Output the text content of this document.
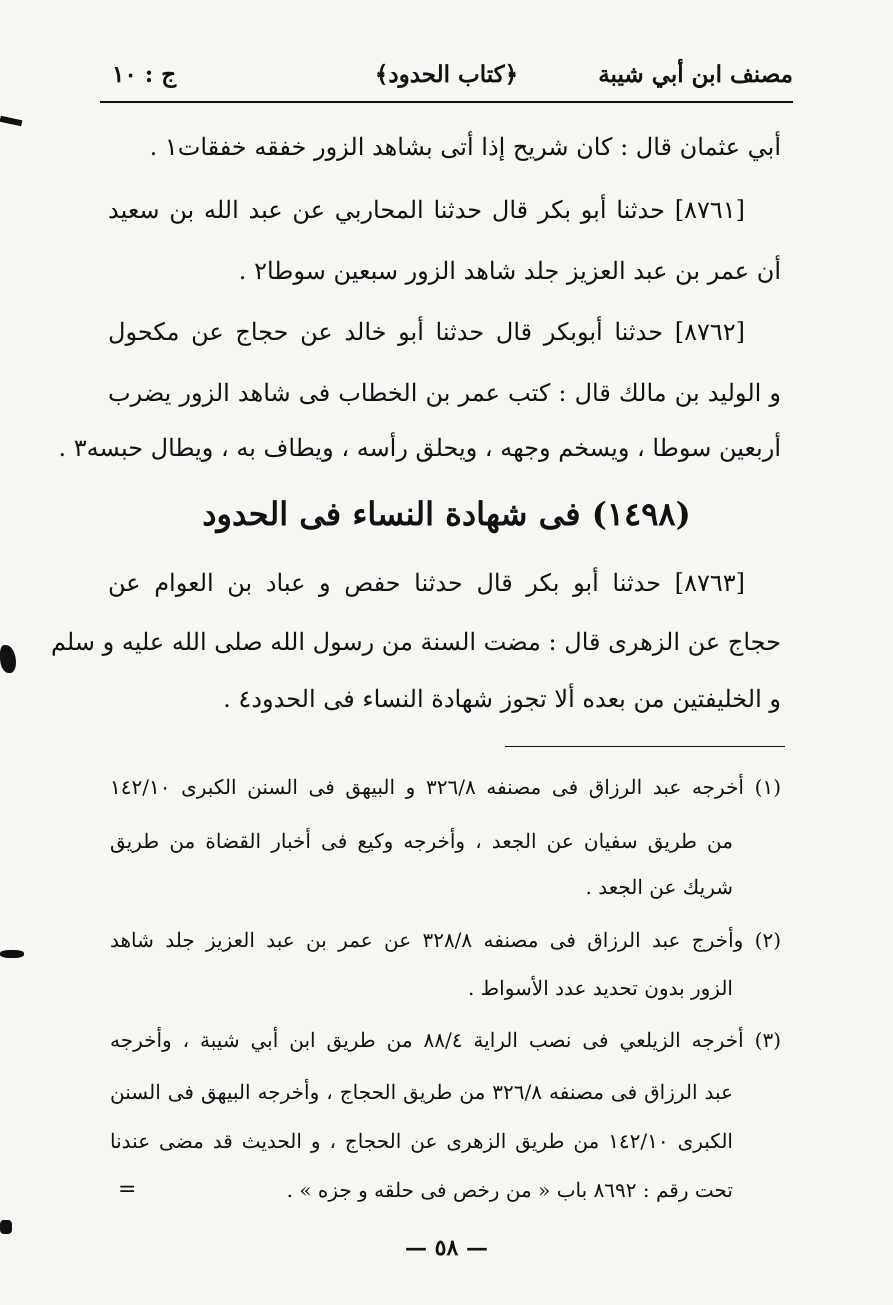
مصنف ابن أبي شيبة
﴿كتاب الحدود﴾
ج : ١٠
أبي عثمان قال : كان شريح إذا أتى بشاهد الزور خفقه خفقات١ .
[٨٧٦١] حدثنا أبو بكر قال حدثنا المحاربي عن عبد الله بن سعيد
أن عمر بن عبد العزيز جلد شاهد الزور سبعين سوطا٢ .
[٨٧٦٢] حدثنا أبوبكر قال حدثنا أبو خالد عن حجاج عن مكحول
و الوليد بن مالك قال : كتب عمر بن الخطاب فى شاهد الزور يضرب
أربعين سوطا ، ويسخم وجهه ، ويحلق رأسه ، ويطاف به ، ويطال حبسه٣ .
(١٤٩٨) فى شهادة النساء فى الحدود
[٨٧٦٣] حدثنا أبو بكر قال حدثنا حفص و عباد بن العوام عن
حجاج عن الزهرى قال : مضت السنة من رسول الله صلى الله عليه و سلم
و الخليفتين من بعده ألا تجوز شهادة النساء فى الحدود٤ .
(١) أخرجه عبد الرزاق فى مصنفه ٣٢٦/٨ و البيهق فى السنن الكبرى ١٤٢/١٠
من طريق سفيان عن الجعد ، وأخرجه وكيع فى أخبار القضاة من طريق
شريك عن الجعد .
(٢) وأخرج عبد الرزاق فى مصنفه ٣٢٨/٨ عن عمر بن عبد العزيز جلد شاهد
الزور بدون تحديد عدد الأسواط .
(٣) أخرجه الزيلعي فى نصب الراية ٨٨/٤ من طريق ابن أبي شيبة ، وأخرجه
عبد الرزاق فى مصنفه ٣٢٦/٨ من طريق الحجاج ، وأخرجه البيهق فى السنن
الكبرى ١٤٢/١٠ من طريق الزهرى عن الحجاج ، و الحديث قد مضى عندنا
تحت رقم : ٨٦٩٢ باب « من رخص فى حلقه و جزه » .
=
— ٥٨ —
